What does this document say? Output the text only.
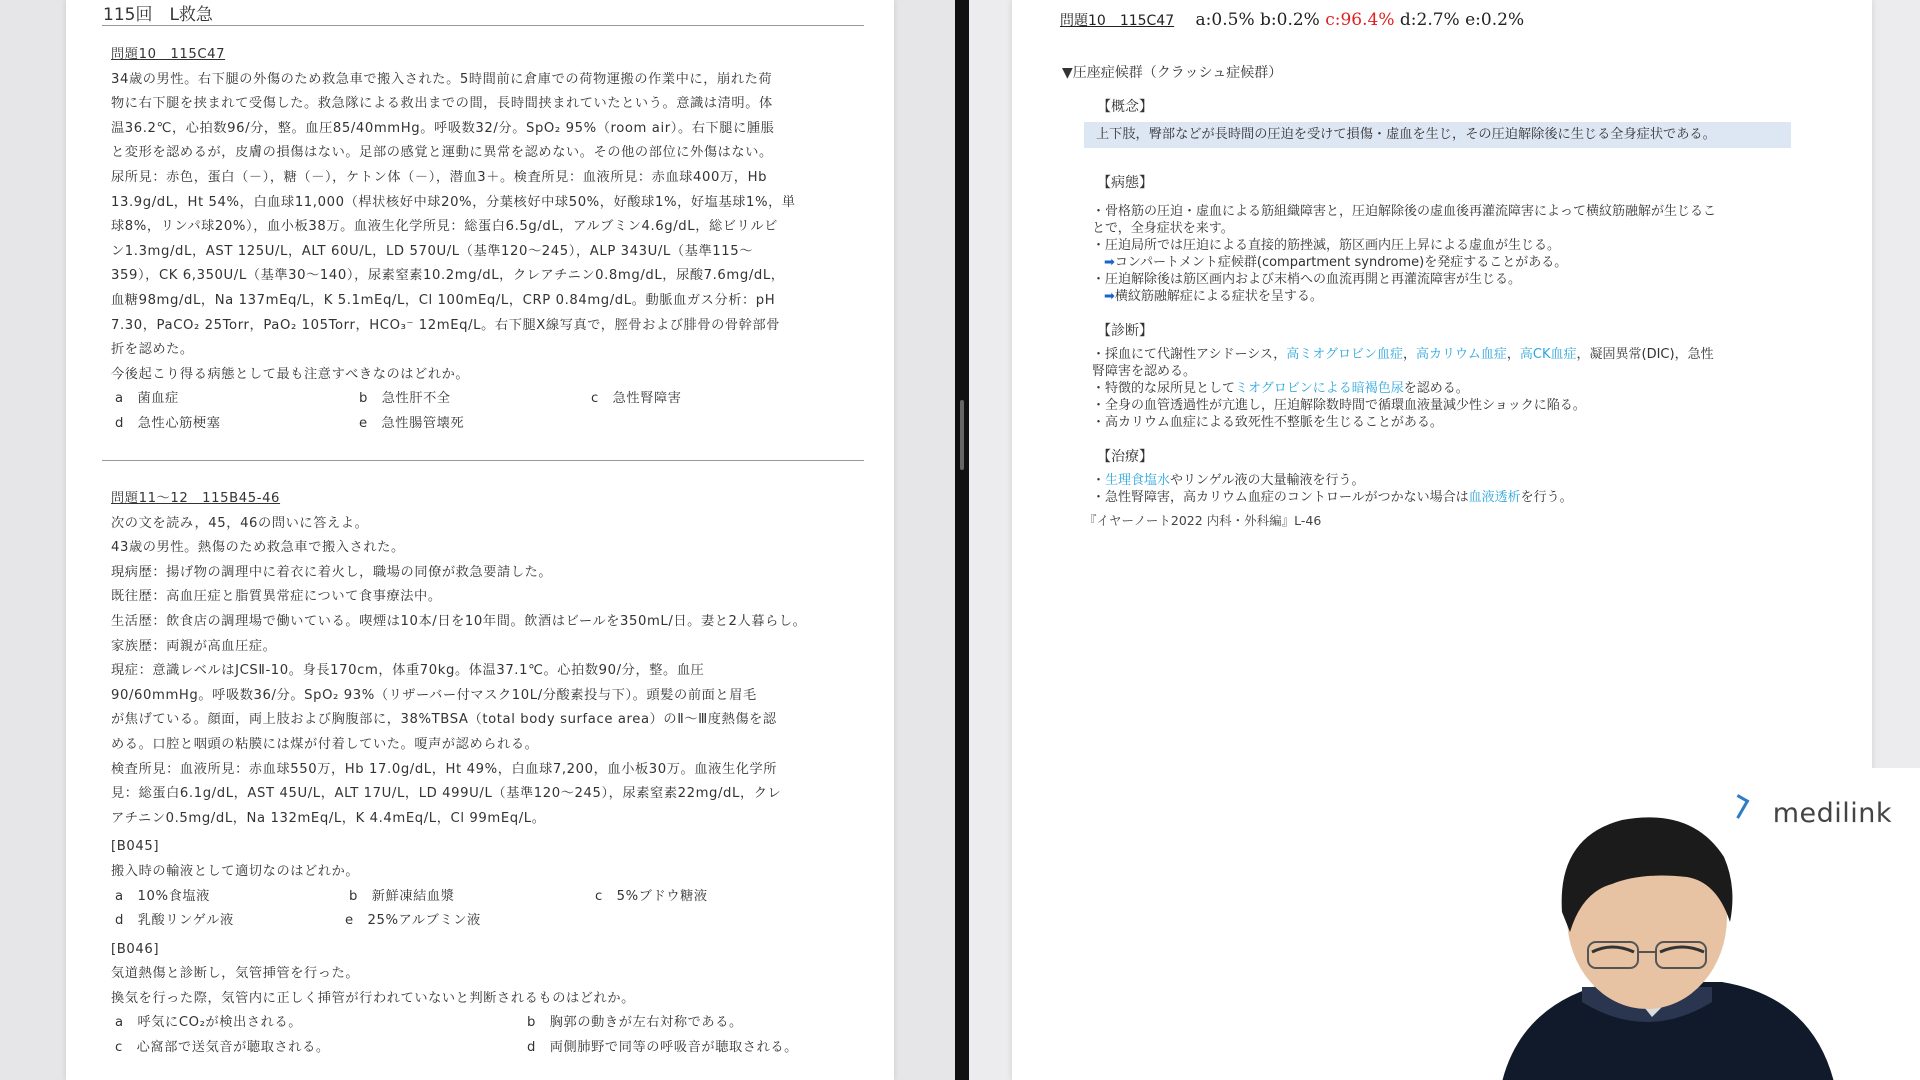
115回　L救急
問題10　115C47
34歳の男性。右下腿の外傷のため救急車で搬入された。5時間前に倉庫での荷物運搬の作業中に，崩れた荷
物に右下腿を挟まれて受傷した。救急隊による救出までの間，長時間挟まれていたという。意識は清明。体
温36.2℃，心拍数96/分，整。血圧85/40mmHg。呼吸数32/分。SpO₂ 95%（room air）。右下腿に腫脹
と変形を認めるが，皮膚の損傷はない。足部の感覚と運動に異常を認めない。その他の部位に外傷はない。
尿所見：赤色，蛋白（－），糖（－），ケトン体（－），潜血3＋。検査所見：血液所見：赤血球400万，Hb
13.9g/dL，Ht 54%，白血球11,000（桿状核好中球20%，分葉核好中球50%，好酸球1%，好塩基球1%，単
球8%，リンパ球20%），血小板38万。血液生化学所見：総蛋白6.5g/dL，アルブミン4.6g/dL，総ビリルビ
ン1.3mg/dL，AST 125U/L，ALT 60U/L，LD 570U/L（基準120～245），ALP 343U/L（基準115～
359），CK 6,350U/L（基準30～140），尿素窒素10.2mg/dL，クレアチニン0.8mg/dL，尿酸7.6mg/dL，
血糖98mg/dL，Na 137mEq/L，K 5.1mEq/L，Cl 100mEq/L，CRP 0.84mg/dL。動脈血ガス分析：pH
7.30，PaCO₂ 25Torr，PaO₂ 105Torr，HCO₃⁻ 12mEq/L。右下腿X線写真で，脛骨および腓骨の骨幹部骨
折を認めた。
今後起こり得る病態として最も注意すべきなのはどれか。
a　菌血症	b　急性肝不全	c　急性腎障害
d　急性心筋梗塞	e　急性腸管壊死
問題11～12　115B45-46
次の文を読み，45，46の問いに答えよ。
43歳の男性。熱傷のため救急車で搬入された。
現病歴：揚げ物の調理中に着衣に着火し，職場の同僚が救急要請した。
既往歴：高血圧症と脂質異常症について食事療法中。
生活歴：飲食店の調理場で働いている。喫煙は10本/日を10年間。飲酒はビールを350mL/日。妻と2人暮らし。
家族歴：両親が高血圧症。
現症：意識レベルはJCSⅡ-10。身長170cm，体重70kg。体温37.1℃。心拍数90/分，整。血圧
90/60mmHg。呼吸数36/分。SpO₂ 93%（リザーバー付マスク10L/分酸素投与下）。頭髪の前面と眉毛
が焦げている。顔面，両上肢および胸腹部に，38%TBSA（total body surface area）のⅡ～Ⅲ度熱傷を認
める。口腔と咽頭の粘膜には煤が付着していた。嗄声が認められる。
検査所見：血液所見：赤血球550万，Hb 17.0g/dL，Ht 49%，白血球7,200，血小板30万。血液生化学所
見：総蛋白6.1g/dL，AST 45U/L，ALT 17U/L，LD 499U/L（基準120～245），尿素窒素22mg/dL，クレ
アチニン0.5mg/dL，Na 132mEq/L，K 4.4mEq/L，Cl 99mEq/L。
[B045]
搬入時の輸液として適切なのはどれか。
a　10%食塩液	b　新鮮凍結血漿	c　5%ブドウ糖液
d　乳酸リンゲル液	e　25%アルブミン液
[B046]
気道熱傷と診断し，気管挿管を行った。
換気を行った際，気管内に正しく挿管が行われていないと判断されるものはどれか。
a　呼気にCO₂が検出される。	b　胸郭の動きが左右対称である。
c　心窩部で送気音が聴取される。	d　両側肺野で同等の呼吸音が聴取される。
問題10　115C47 a:0.5% b:0.2% c:96.4% d:2.7% e:0.2%
▼圧座症候群（クラッシュ症候群）
【概念】
上下肢，臀部などが長時間の圧迫を受けて損傷・虚血を生じ，その圧迫解除後に生じる全身症状である。
【病態】
・骨格筋の圧迫・虚血による筋組織障害と，圧迫解除後の虚血後再灌流障害によって横紋筋融解が生じるこ
とで，全身症状を来す。
・圧迫局所では圧迫による直接的筋挫滅，筋区画内圧上昇による虚血が生じる。
➡コンパートメント症候群(compartment syndrome)を発症することがある。
・圧迫解除後は筋区画内および末梢への血流再開と再灌流障害が生じる。
➡横紋筋融解症による症状を呈する。
【診断】
・採血にて代謝性アシドーシス，高ミオグロビン血症，高カリウム血症，高CK血症，凝固異常(DIC)，急性
腎障害を認める。
・特徴的な尿所見としてミオグロビンによる暗褐色尿を認める。
・全身の血管透過性が亢進し，圧迫解除数時間で循環血液量減少性ショックに陥る。
・高カリウム血症による致死性不整脈を生じることがある。
【治療】
・生理食塩水やリンゲル液の大量輸液を行う。
・急性腎障害，高カリウム血症のコントロールがつかない場合は血液透析を行う。
『イヤーノート2022 内科・外科編』L-46
medilink
